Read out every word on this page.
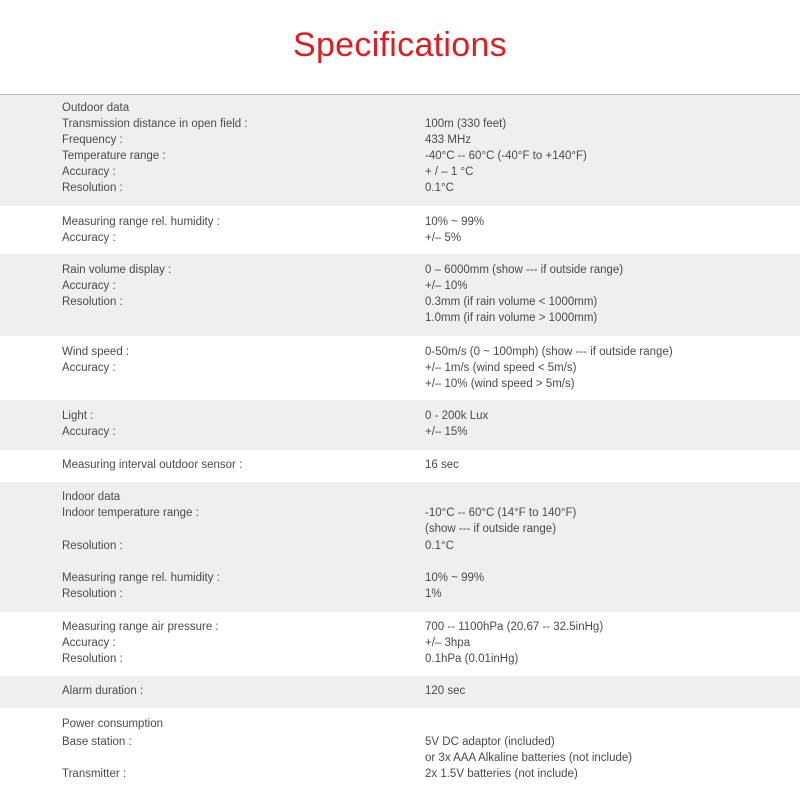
Specifications
Outdoor data
Transmission distance in open field :	100m (330 feet)
Frequency :	433 MHz
Temperature range :	-40°C -- 60°C (-40°F to +140°F)
Accuracy :	+ / – 1 °C
Resolution :	0.1°C
Measuring range rel. humidity :	10% ~ 99%
Accuracy :	+/– 5%
Rain volume display :	0 – 6000mm (show --- if outside range)
Accuracy :	+/– 10%
Resolution :	0.3mm (if rain volume < 1000mm)
1.0mm (if rain volume > 1000mm)
Wind speed :	0-50m/s (0 ~ 100mph) (show --- if outside range)
Accuracy :	+/– 1m/s (wind speed < 5m/s)
+/– 10% (wind speed > 5m/s)
Light :	0 - 200k Lux
Accuracy :	+/– 15%
Measuring interval outdoor sensor :	16 sec
Indoor data
Indoor temperature range :	-10°C -- 60°C (14°F to 140°F)
(show --- if outside range)
Resolution :	0.1°C
Measuring range rel. humidity :	10% ~ 99%
Resolution :	1%
Measuring range air pressure :	700 -- 1100hPa (20.67 -- 32.5inHg)
Accuracy :	+/– 3hpa
Resolution :	0.1hPa (0.01inHg)
Alarm duration :	120 sec
Power consumption
Base station :	5V DC adaptor (included)
or 3x AAA Alkaline batteries (not include)
Transmitter :	2x 1.5V batteries (not include)
